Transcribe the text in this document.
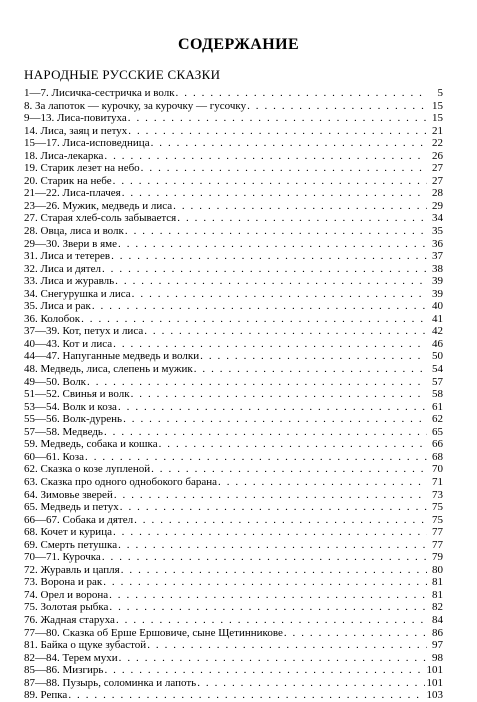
СОДЕРЖАНИЕ
НАРОДНЫЕ РУССКИЕ СКАЗКИ
1—7. Лисичка-сестричка и волк . . .	5
8. За лапоток — курочку, за курочку — гусочку . . .	15
9—13. Лиса-повитуха . . .	15
14. Лиса, заяц и петух . . .	21
15—17. Лиса-исповедница . . .	22
18. Лиса-лекарка . . .	26
19. Старик лезет на небо . . .	27
20. Старик на небе . . .	27
21—22. Лиса-плачея . . .	28
23—26. Мужик, медведь и лиса . . .	29
27. Старая хлеб-соль забывается . . .	34
28. Овца, лиса и волк . . .	35
29—30. Звери в яме . . .	36
31. Лиса и тетерев . . .	37
32. Лиса и дятел . . .	38
33. Лиса и журавль . . .	39
34. Снегурушка и лиса . . .	39
35. Лиса и рак . . .	40
36. Колобок . . .	41
37—39. Кот, петух и лиса . . .	42
40—43. Кот и лиса . . .	46
44—47. Напуганные медведь и волки . . .	50
48. Медведь, лиса, слепень и мужик . . .	54
49—50. Волк . . .	57
51—52. Свинья и волк . . .	58
53—54. Волк и коза . . .	61
55—56. Волк-дурень . . .	62
57—58. Медведь . . .	65
59. Медведь, собака и кошка . . .	66
60—61. Коза . . .	68
62. Сказка о козе лупленой . . .	70
63. Сказка про одного однобокого барана . . .	71
64. Зимовье зверей . . .	73
65. Медведь и петух . . .	75
66—67. Собака и дятел . . .	75
68. Кочет и курица . . .	77
69. Смерть петушка . . .	77
70—71. Курочка . . .	79
72. Журавль и цапля . . .	80
73. Ворона и рак . . .	81
74. Орел и ворона . . .	81
75. Золотая рыбка . . .	82
76. Жадная старуха . . .	84
77—80. Сказка об Ерше Ершовиче, сыне Щетинникове . . .	86
81. Байка о щуке зубастой . . .	97
82—84. Терем мухи . . .	98
85—86. Мизгирь . . .	101
87—88. Пузырь, соломинка и лапоть . . .	101
89. Репка . . .	103
